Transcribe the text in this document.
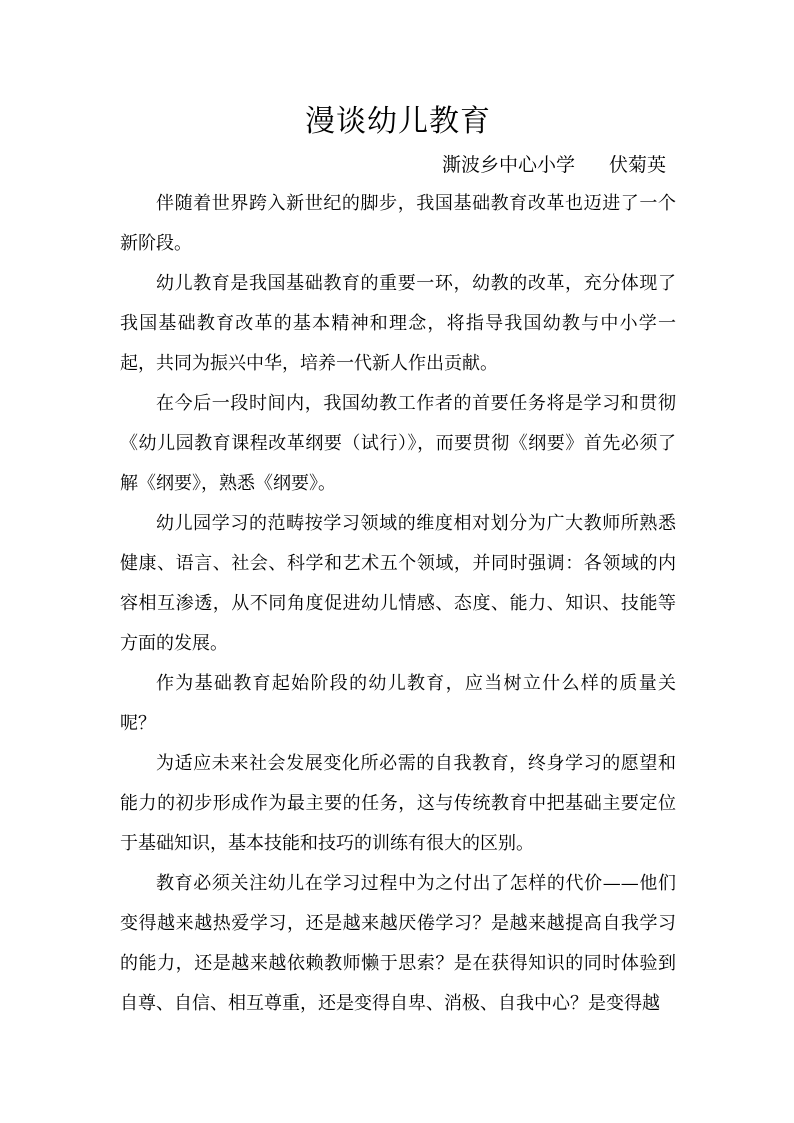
漫谈幼儿教育

澌波乡中心小学 伏菊英

伴随着世界跨入新世纪的脚步，我国基础教育改革也迈进了一个新阶段。

幼儿教育是我国基础教育的重要一环，幼教的改革，充分体现了我国基础教育改革的基本精神和理念，将指导我国幼教与中小学一起，共同为振兴中华，培养一代新人作出贡献。

在今后一段时间内，我国幼教工作者的首要任务将是学习和贯彻《幼儿园教育课程改革纲要（试行）》，而要贯彻《纲要》首先必须了解《纲要》，熟悉《纲要》。

幼儿园学习的范畴按学习领域的维度相对划分为广大教师所熟悉健康、语言、社会、科学和艺术五个领域，并同时强调：各领域的内容相互渗透，从不同角度促进幼儿情感、态度、能力、知识、技能等方面的发展。

作为基础教育起始阶段的幼儿教育，应当树立什么样的质量关呢？

为适应未来社会发展变化所必需的自我教育，终身学习的愿望和能力的初步形成作为最主要的任务，这与传统教育中把基础主要定位于基础知识，基本技能和技巧的训练有很大的区别。

教育必须关注幼儿在学习过程中为之付出了怎样的代价——他们变得越来越热爱学习，还是越来越厌倦学习？是越来越提高自我学习的能力，还是越来越依赖教师懒于思索？是在获得知识的同时体验到自尊、自信、相互尊重，还是变得自卑、消极、自我中心？是变得越
